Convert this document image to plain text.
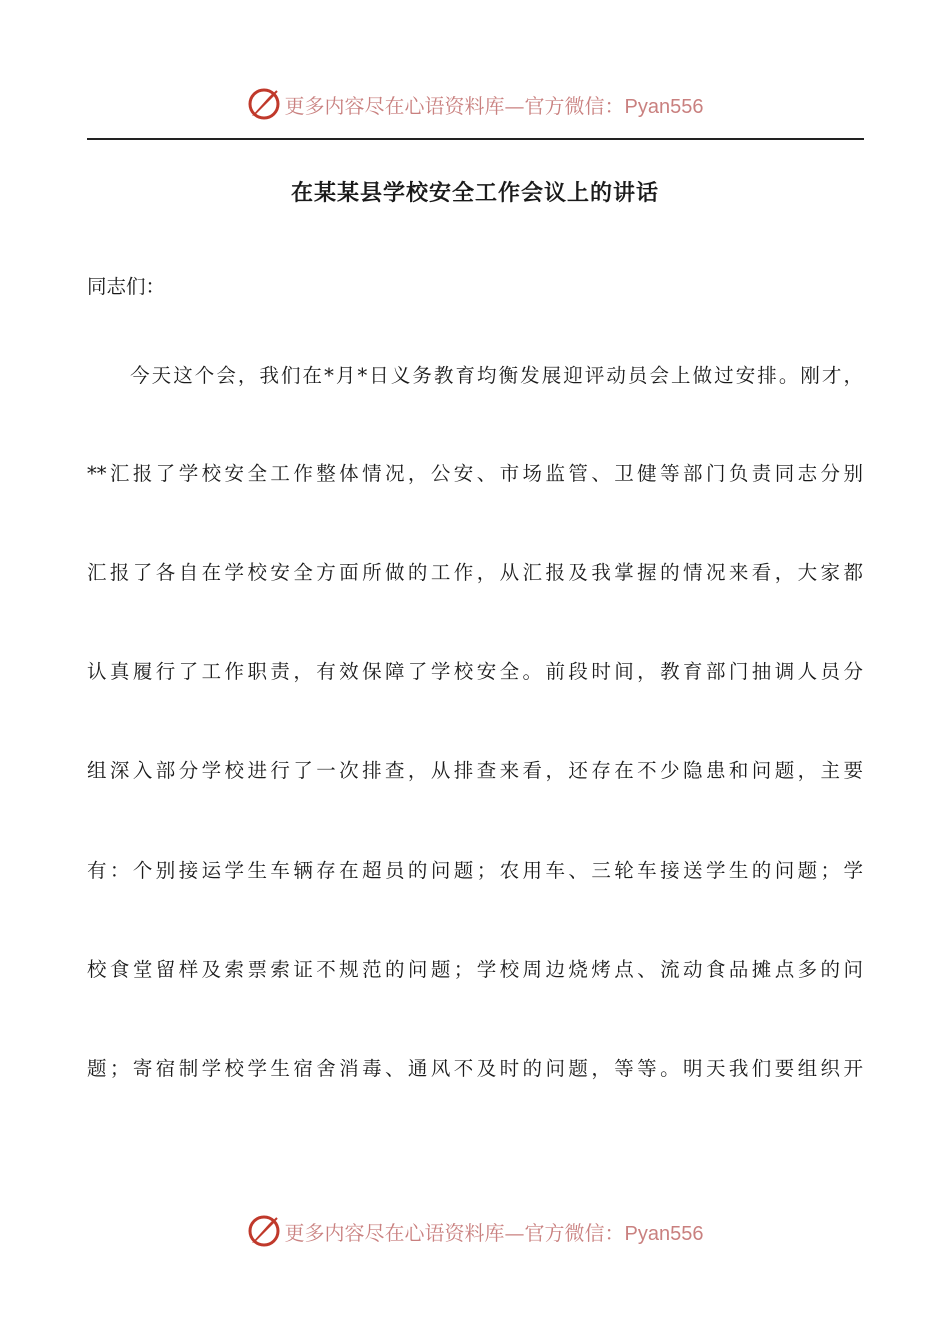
更多内容尽在心语资料库—官方微信：Pyan556
在某某县学校安全工作会议上的讲话
同志们：
　　今天这个会，我们在*月*日义务教育均衡发展迎评动员会上做过安排。刚才，
**汇报了学校安全工作整体情况，公安、市场监管、卫健等部门负责同志分别
汇报了各自在学校安全方面所做的工作，从汇报及我掌握的情况来看，大家都
认真履行了工作职责，有效保障了学校安全。前段时间，教育部门抽调人员分
组深入部分学校进行了一次排查，从排查来看，还存在不少隐患和问题，主要
有：个别接运学生车辆存在超员的问题；农用车、三轮车接送学生的问题；学
校食堂留样及索票索证不规范的问题；学校周边烧烤点、流动食品摊点多的问
题；寄宿制学校学生宿舍消毒、通风不及时的问题，等等。明天我们要组织开
更多内容尽在心语资料库—官方微信：Pyan556
